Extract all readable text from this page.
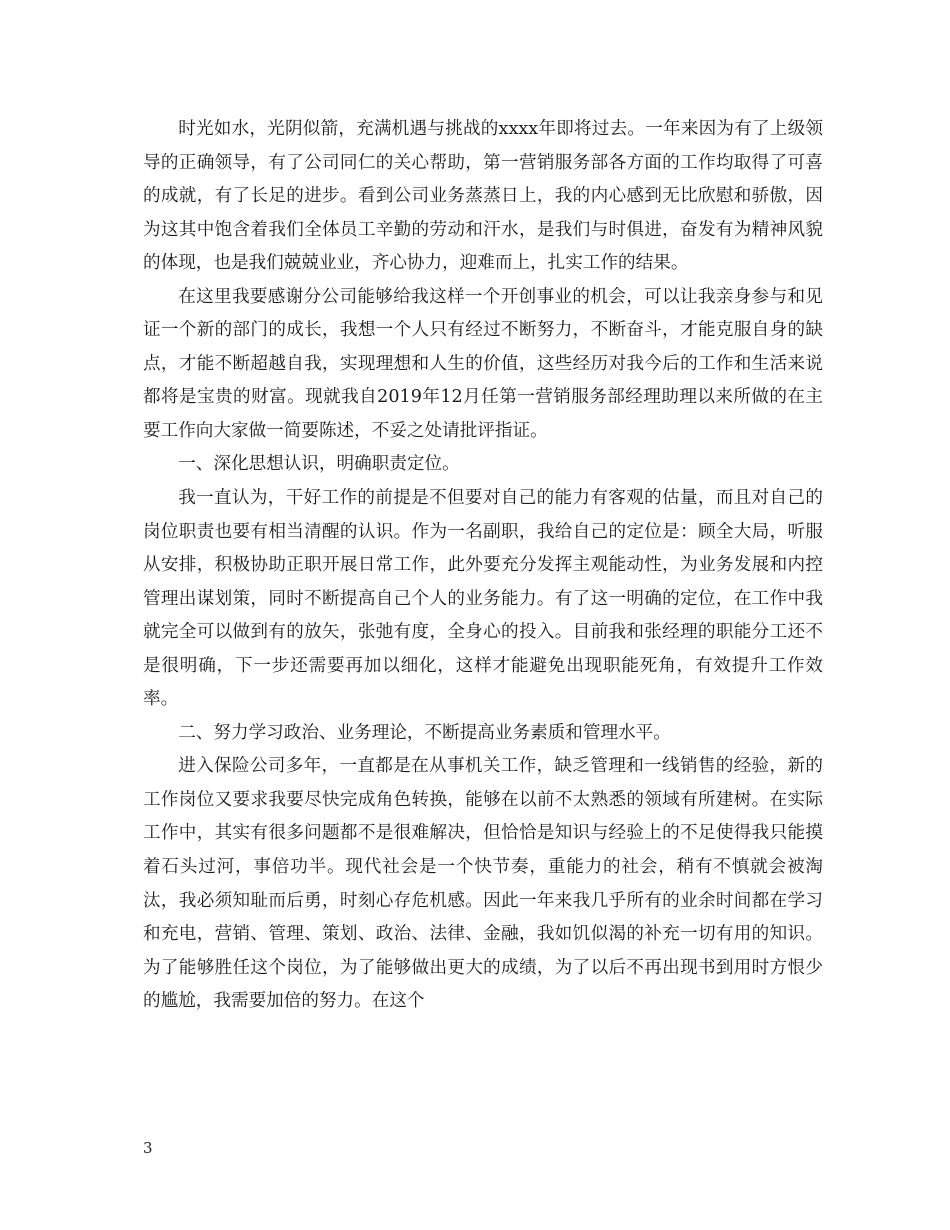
时光如水，光阴似箭，充满机遇与挑战的xxxx年即将过去。一年来因为有了上级领导的正确领导，有了公司同仁的关心帮助，第一营销服务部各方面的工作均取得了可喜的成就，有了长足的进步。看到公司业务蒸蒸日上，我的内心感到无比欣慰和骄傲，因为这其中饱含着我们全体员工辛勤的劳动和汗水，是我们与时俱进，奋发有为精神风貌的体现，也是我们兢兢业业，齐心协力，迎难而上，扎实工作的结果。

在这里我要感谢分公司能够给我这样一个开创事业的机会，可以让我亲身参与和见证一个新的部门的成长，我想一个人只有经过不断努力，不断奋斗，才能克服自身的缺点，才能不断超越自我，实现理想和人生的价值，这些经历对我今后的工作和生活来说都将是宝贵的财富。现就我自2019年12月任第一营销服务部经理助理以来所做的在主要工作向大家做一简要陈述，不妥之处请批评指证。

一、深化思想认识，明确职责定位。

我一直认为，干好工作的前提是不但要对自己的能力有客观的估量，而且对自己的岗位职责也要有相当清醒的认识。作为一名副职，我给自己的定位是：顾全大局，听服从安排，积极协助正职开展日常工作，此外要充分发挥主观能动性，为业务发展和内控管理出谋划策，同时不断提高自己个人的业务能力。有了这一明确的定位，在工作中我就完全可以做到有的放矢，张弛有度，全身心的投入。目前我和张经理的职能分工还不是很明确，下一步还需要再加以细化，这样才能避免出现职能死角，有效提升工作效率。

二、努力学习政治、业务理论，不断提高业务素质和管理水平。

进入保险公司多年，一直都是在从事机关工作，缺乏管理和一线销售的经验，新的工作岗位又要求我要尽快完成角色转换，能够在以前不太熟悉的领域有所建树。在实际工作中，其实有很多问题都不是很难解决，但恰恰是知识与经验上的不足使得我只能摸着石头过河，事倍功半。现代社会是一个快节奏，重能力的社会，稍有不慎就会被淘汰，我必须知耻而后勇，时刻心存危机感。因此一年来我几乎所有的业余时间都在学习和充电，营销、管理、策划、政治、法律、金融，我如饥似渴的补充一切有用的知识。为了能够胜任这个岗位，为了能够做出更大的成绩，为了以后不再出现书到用时方恨少的尴尬，我需要加倍的努力。在这个

3
